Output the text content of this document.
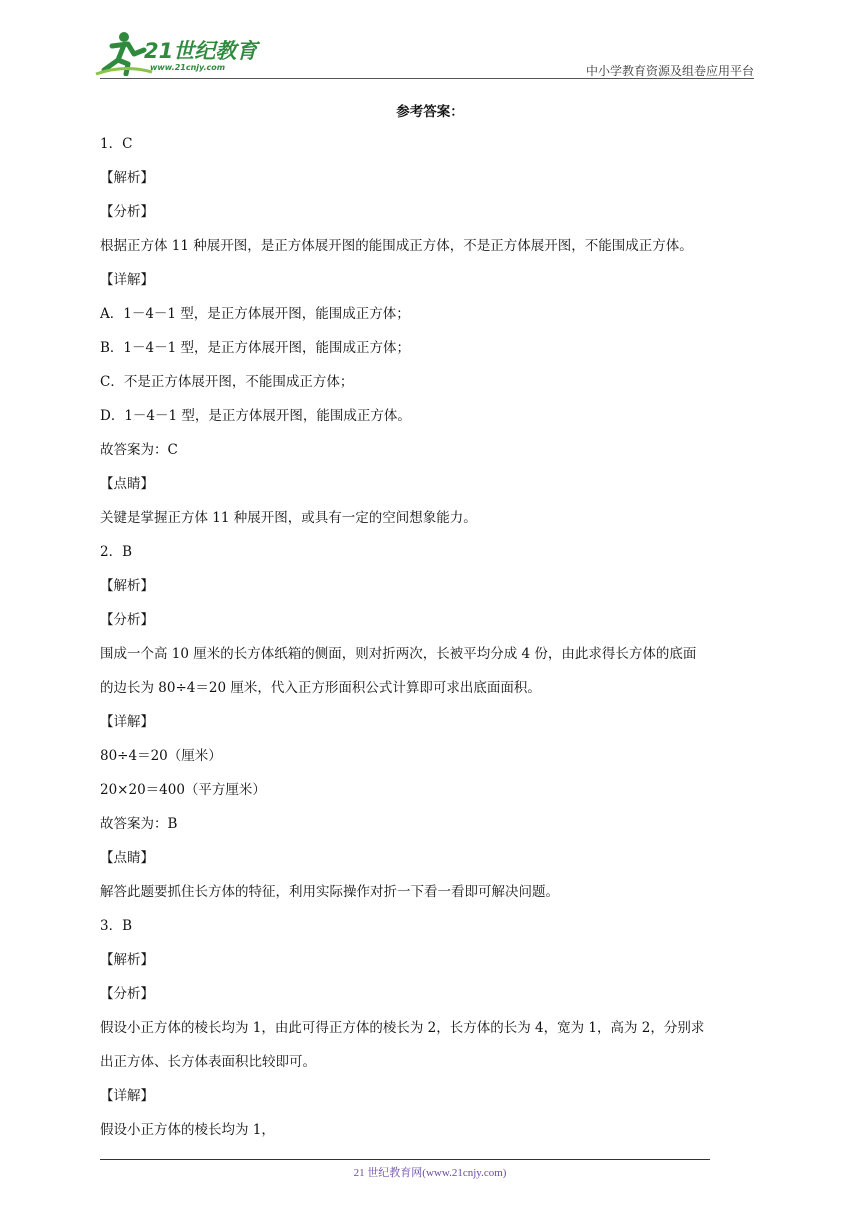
21世纪教育
www.21cnjy.com	中小学教育资源及组卷应用平台
参考答案：

1．C

【解析】

【分析】

根据正方体 11 种展开图，是正方体展开图的能围成正方体，不是正方体展开图，不能围成正方体。

【详解】

A．1－4－1 型，是正方体展开图，能围成正方体；

B．1－4－1 型，是正方体展开图，能围成正方体；

C．不是正方体展开图，不能围成正方体；

D．1－4－1 型，是正方体展开图，能围成正方体。

故答案为：C

【点睛】

关键是掌握正方体 11 种展开图，或具有一定的空间想象能力。

2．B

【解析】

【分析】

围成一个高 10 厘米的长方体纸箱的侧面，则对折两次，长被平均分成 4 份，由此求得长方体的底面

的边长为 80÷4＝20 厘米，代入正方形面积公式计算即可求出底面面积。

【详解】

80÷4＝20（厘米）

20×20＝400（平方厘米）

故答案为：B

【点睛】

解答此题要抓住长方体的特征，利用实际操作对折一下看一看即可解决问题。

3．B

【解析】

【分析】

假设小正方体的棱长均为 1，由此可得正方体的棱长为 2，长方体的长为 4，宽为 1，高为 2，分别求

出正方体、长方体表面积比较即可。

【详解】

假设小正方体的棱长均为 1，

21 世纪教育网(www.21cnjy.com)
